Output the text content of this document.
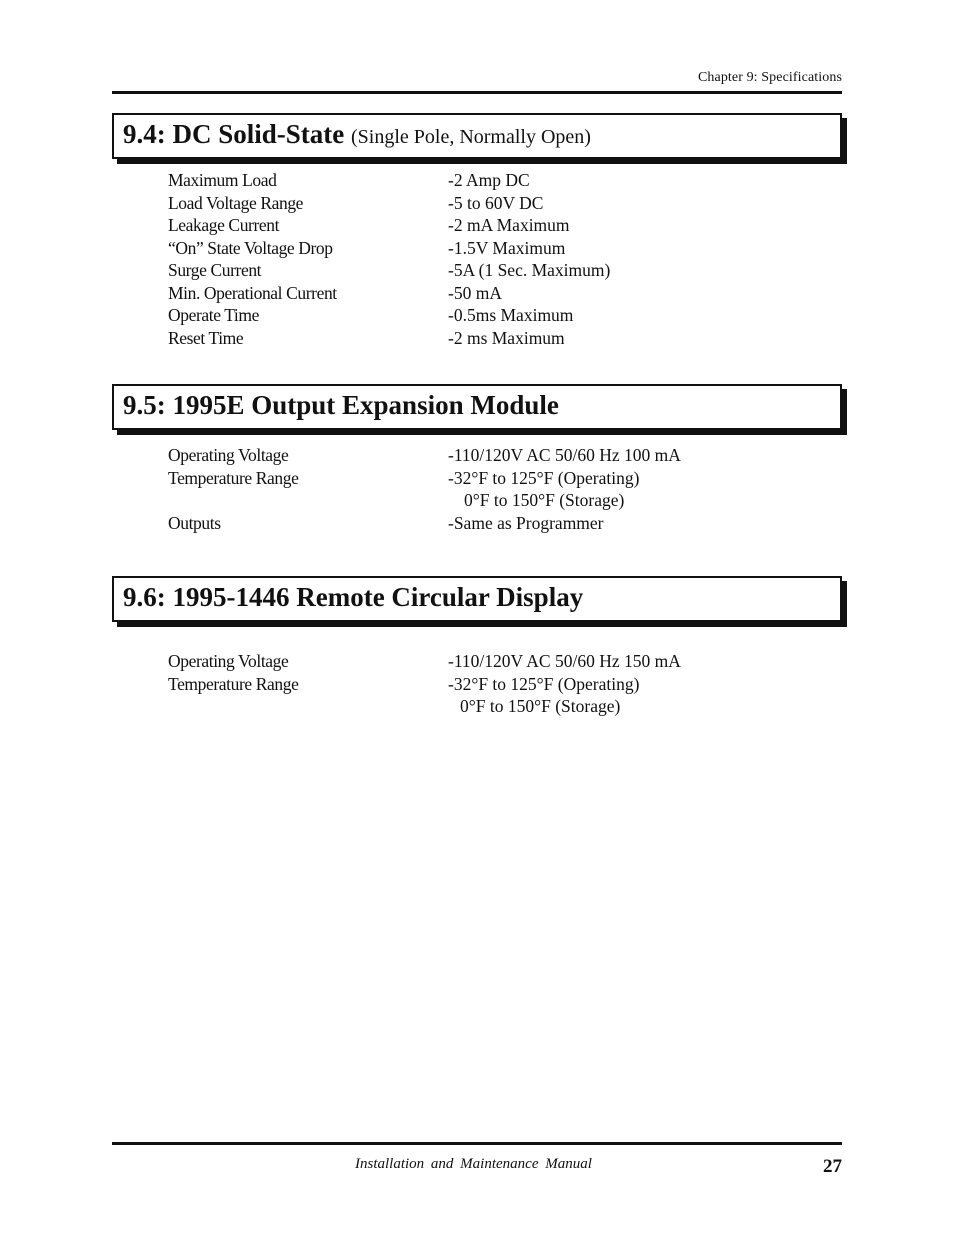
Chapter 9: Specifications
9.4: DC Solid-State (Single Pole, Normally Open)
Maximum Load	-2 Amp DC
Load Voltage Range	-5 to 60V DC
Leakage Current	-2 mA Maximum
“On” State Voltage Drop	-1.5V Maximum
Surge Current	-5A (1 Sec. Maximum)
Min. Operational Current	-50 mA
Operate Time	-0.5ms Maximum
Reset Time	-2 ms Maximum
9.5: 1995E Output Expansion Module
Operating Voltage	-110/120V AC 50/60 Hz 100 mA
Temperature Range	-32°F to 125°F (Operating)
0°F to 150°F (Storage)
Outputs	-Same as Programmer
9.6: 1995-1446 Remote Circular Display
Operating Voltage	-110/120V AC 50/60 Hz 150 mA
Temperature Range	-32°F to 125°F (Operating)
0°F to 150°F (Storage)
Installation and Maintenance Manual	27
